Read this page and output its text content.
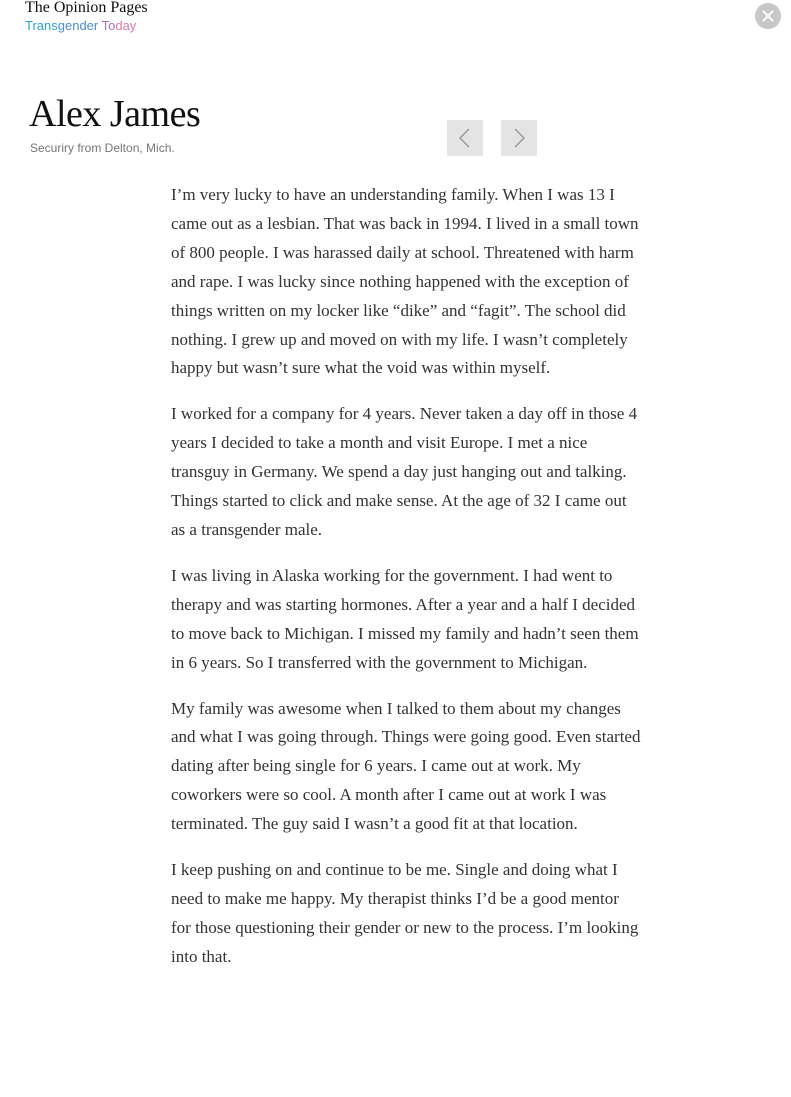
The Opinion Pages
Transgender Today
Alex James
Securiry from Delton, Mich.

I’m very lucky to have an understanding family. When I was 13 I came out as a lesbian. That was back in 1994. I lived in a small town of 800 people. I was harassed daily at school. Threatened with harm and rape. I was lucky since nothing happened with the exception of things written on my locker like “dike” and “fagit”. The school did nothing. I grew up and moved on with my life. I wasn’t completely happy but wasn’t sure what the void was within myself.

I worked for a company for 4 years. Never taken a day off in those 4 years I decided to take a month and visit Europe. I met a nice transguy in Germany. We spend a day just hanging out and talking. Things started to click and make sense. At the age of 32 I came out as a transgender male.

I was living in Alaska working for the government. I had went to therapy and was starting hormones. After a year and a half I decided to move back to Michigan. I missed my family and hadn’t seen them in 6 years. So I transferred with the government to Michigan.

My family was awesome when I talked to them about my changes and what I was going through. Things were going good. Even started dating after being single for 6 years. I came out at work. My coworkers were so cool. A month after I came out at work I was terminated. The guy said I wasn’t a good fit at that location.

I keep pushing on and continue to be me. Single and doing what I need to make me happy. My therapist thinks I’d be a good mentor for those questioning their gender or new to the process. I’m looking into that.
